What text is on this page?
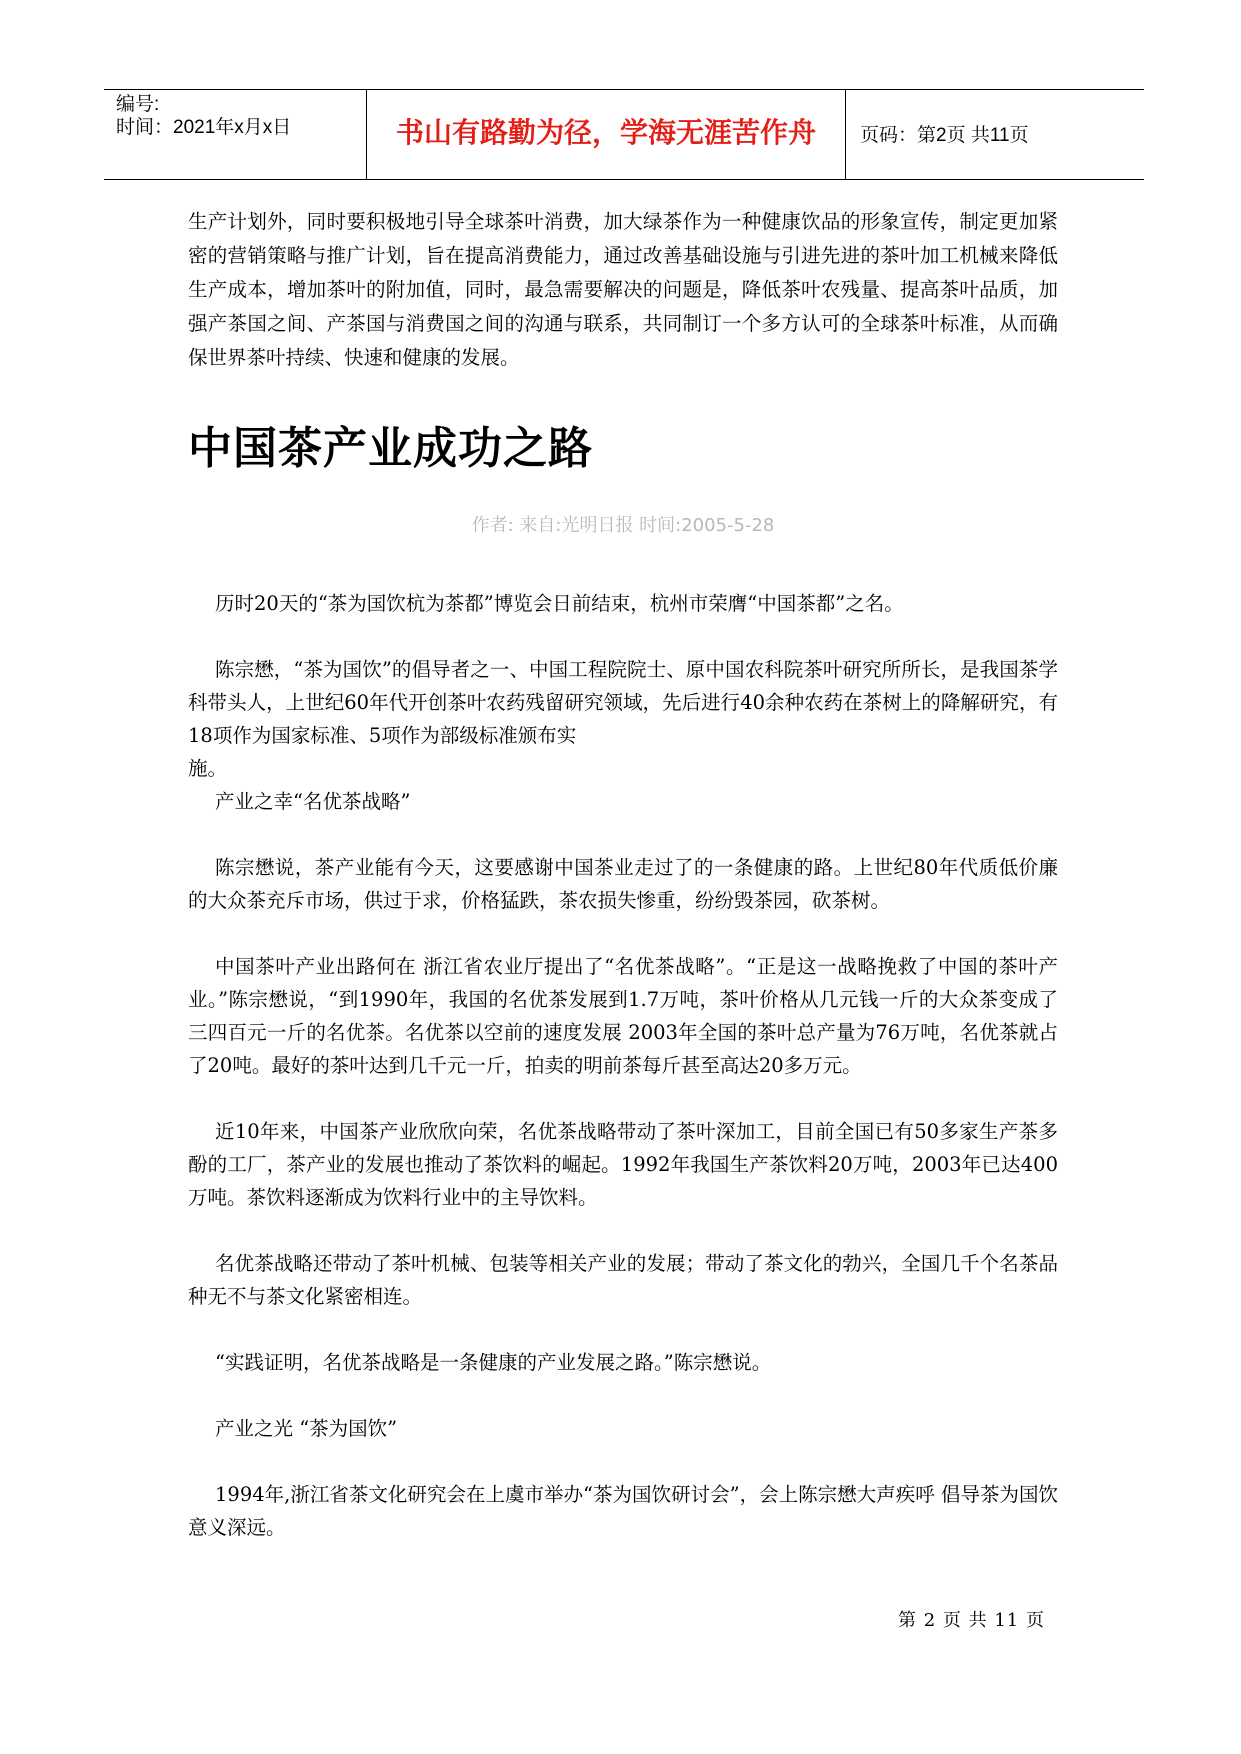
编号:
时间：2021年x月x日	书山有路勤为径，学海无涯苦作舟	页码：第2页 共11页

生产计划外，同时要积极地引导全球茶叶消费，加大绿茶作为一种健康饮品的形象宣传，制定更加紧密的营销策略与推广计划，旨在提高消费能力，通过改善基础设施与引进先进的茶叶加工机械来降低生产成本，增加茶叶的附加值，同时，最急需要解决的问题是，降低茶叶农残量、提高茶叶品质，加强产茶国之间、产茶国与消费国之间的沟通与联系，共同制订一个多方认可的全球茶叶标准，从而确保世界茶叶持续、快速和健康的发展。

中国茶产业成功之路
作者: 来自:光明日报 时间:2005-5-28

历时20天的“茶为国饮杭为茶都”博览会日前结束，杭州市荣膺“中国茶都”之名。

陈宗懋，“茶为国饮”的倡导者之一、中国工程院院士、原中国农科院茶叶研究所所长，是我国茶学科带头人，上世纪60年代开创茶叶农药残留研究领域，先后进行40余种农药在茶树上的降解研究，有18项作为国家标准、5项作为部级标准颁布实

施。

产业之幸“名优茶战略”

陈宗懋说，茶产业能有今天，这要感谢中国茶业走过了的一条健康的路。上世纪80年代质低价廉的大众茶充斥市场，供过于求，价格猛跌，茶农损失惨重，纷纷毁茶园，砍茶树。

中国茶叶产业出路何在 浙江省农业厅提出了“名优茶战略”。“正是这一战略挽救了中国的茶叶产业。”陈宗懋说，“到1990年，我国的名优茶发展到1.7万吨，茶叶价格从几元钱一斤的大众茶变成了三四百元一斤的名优茶。名优茶以空前的速度发展 2003年全国的茶叶总产量为76万吨，名优茶就占了20吨。最好的茶叶达到几千元一斤，拍卖的明前茶每斤甚至高达20多万元。

近10年来，中国茶产业欣欣向荣，名优茶战略带动了茶叶深加工，目前全国已有50多家生产茶多酚的工厂，茶产业的发展也推动了茶饮料的崛起。1992年我国生产茶饮料20万吨，2003年已达400万吨。茶饮料逐渐成为饮料行业中的主导饮料。

名优茶战略还带动了茶叶机械、包装等相关产业的发展；带动了茶文化的勃兴，全国几千个名茶品种无不与茶文化紧密相连。

“实践证明，名优茶战略是一条健康的产业发展之路。”陈宗懋说。

产业之光 “茶为国饮”

1994年,浙江省茶文化研究会在上虞市举办“茶为国饮研讨会”，会上陈宗懋大声疾呼 倡导茶为国饮意义深远。

第 2 页 共 11 页
